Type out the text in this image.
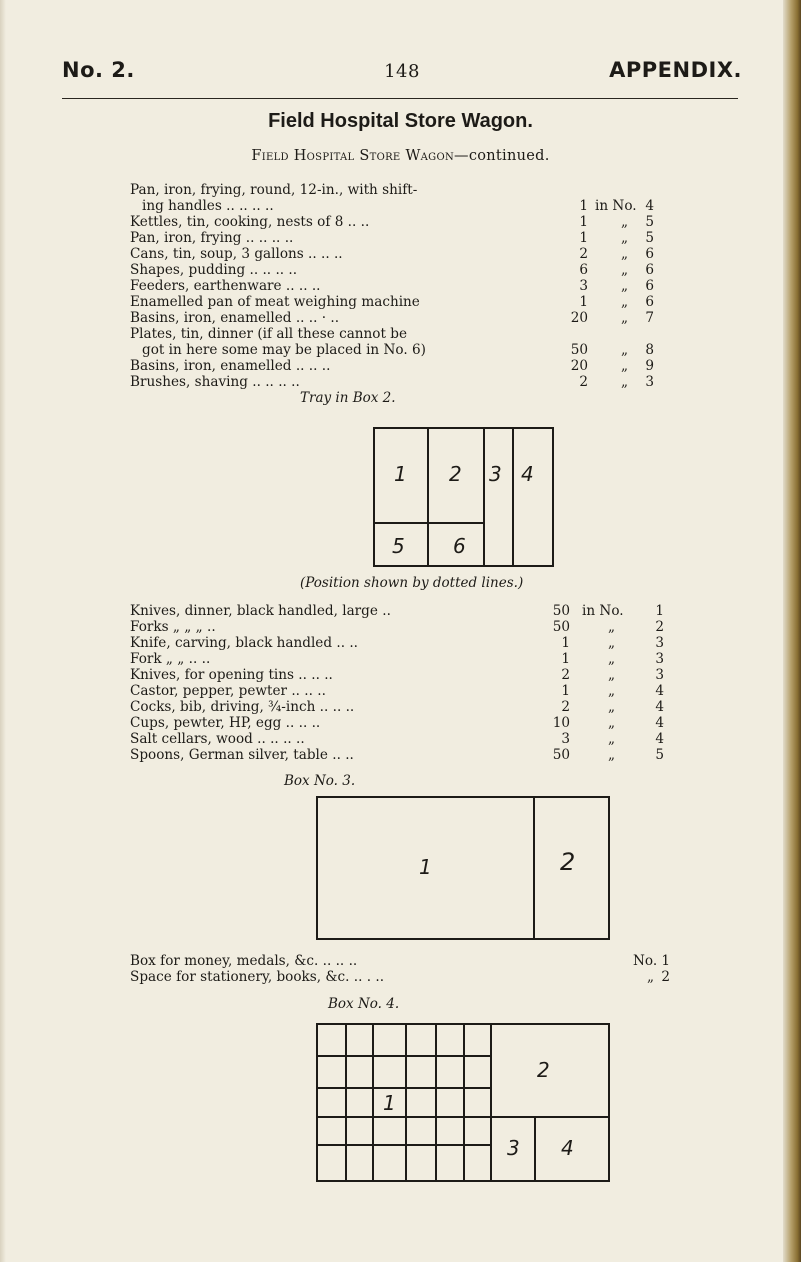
No. 2.	148	APPENDIX.
Field Hospital Store Wagon.
Field Hospital Store Wagon—continued.
Pan, iron, frying, round, 12-in., with shift-
ing handles .. .. .. ..	1 in No. 4
Kettles, tin, cooking, nests of 8 .. ..	1 „	5
Pan, iron, frying .. .. .. ..	1 „	5
Cans, tin, soup, 3 gallons .. .. ..	2 „	6
Shapes, pudding .. .. .. ..	6 „	6
Feeders, earthenware .. .. ..	3 „	6
Enamelled pan of meat weighing machine	1 „	6
Basins, iron, enamelled .. .. · ..	20 „	7
Plates, tin, dinner (if all these cannot be
got in here some may be placed in No. 6)	50 „	8
Basins, iron, enamelled .. .. ..	20 „	9
Brushes, shaving .. .. .. ..	2 „	3
Tray in Box 2.
1 2 3 4
5 6
(Position shown by dotted lines.)
Knives, dinner, black handled, large ..	50 in No.	1
Forks „ „ „ ..	50	„	2
Knife, carving, black handled .. ..	1	„	3
Fork „ „ .. ..	1	„	3
Knives, for opening tins .. .. ..	2	„	3
Castor, pepper, pewter .. .. ..	1	„	4
Cocks, bib, driving, ¾-inch .. .. ..	2	„	4
Cups, pewter, HP, egg .. .. ..	10	„	4
Salt cellars, wood .. .. .. ..	3	„	4
Spoons, German silver, table .. ..	50	„	5
Box No. 3.
1	2
Box for money, medals, &c. .. .. ..	No. 1
Space for stationery, books, &c. .. . ..	„ 2
Box No. 4.
1
2
3 4
